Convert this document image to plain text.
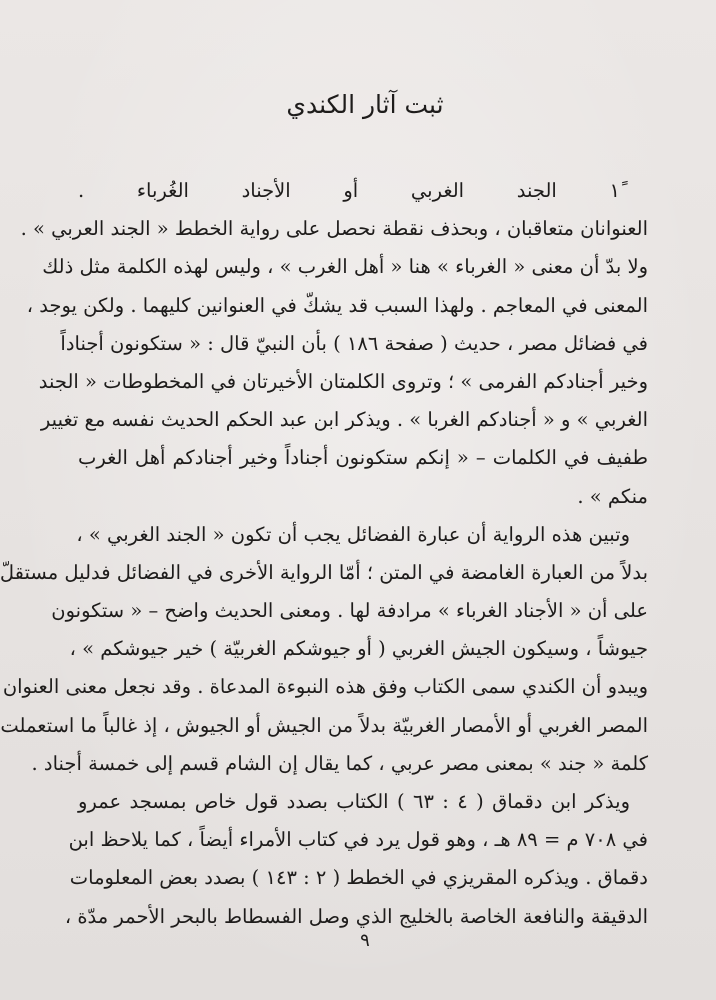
ثبت آثار الكندي
١ً الجند الغربي أو الأجناد الغُرباء .
العنوانان متعاقبان ، وبحذف نقطة نحصل على رواية الخطط « الجند العربي » .
ولا بدّ أن معنى « الغرباء » هنا « أهل الغرب » ، وليس لهذه الكلمة مثل ذلك
المعنى في المعاجم . ولهذا السبب قد يشكّ في العنوانين كليهما . ولكن يوجد ،
في فضائل مصر ، حديث ( صفحة ١٨٦ ) بأن النبيّ قال : « ستكونون أجناداً
وخير أجنادكم الفرمى » ؛ وتروى الكلمتان الأخيرتان في المخطوطات « الجند
الغربي » و « أجنادكم الغربا » . ويذكر ابن عبد الحكم الحديث نفسه مع تغيير
طفيف في الكلمات – « إنكم ستكونون أجناداً وخير أجنادكم أهل الغرب
منكم » .
وتبين هذه الرواية أن عبارة الفضائل يجب أن تكون « الجند الغربي » ،
بدلاً من العبارة الغامضة في المتن ؛ أمّا الرواية الأخرى في الفضائل فدليل مستقلّ
على أن « الأجناد الغرباء » مرادفة لها . ومعنى الحديث واضح – « ستكونون
جيوشاً ، وسيكون الجيش الغربي ( أو جيوشكم الغربيّة ) خير جيوشكم » ،
ويبدو أن الكندي سمى الكتاب وفق هذه النبوءة المدعاة . وقد نجعل معنى العنوان
المصر الغربي أو الأمصار الغربيّة بدلاً من الجيش أو الجيوش ، إذ غالباً ما استعملت
كلمة « جند » بمعنى مصر عربي ، كما يقال إن الشام قسم إلى خمسة أجناد .
ويذكر ابن دقماق ( ٤ : ٦٣ ) الكتاب بصدد قول خاص بمسجد عمرو
في ٧٠٨ م = ٨٩ هـ ، وهو قول يرد في كتاب الأمراء أيضاً ، كما يلاحظ ابن
دقماق . ويذكره المقريزي في الخطط ( ٢ : ١٤٣ ) بصدد بعض المعلومات
الدقيقة والنافعة الخاصة بالخليج الذي وصل الفسطاط بالبحر الأحمر مدّة ،
٩
